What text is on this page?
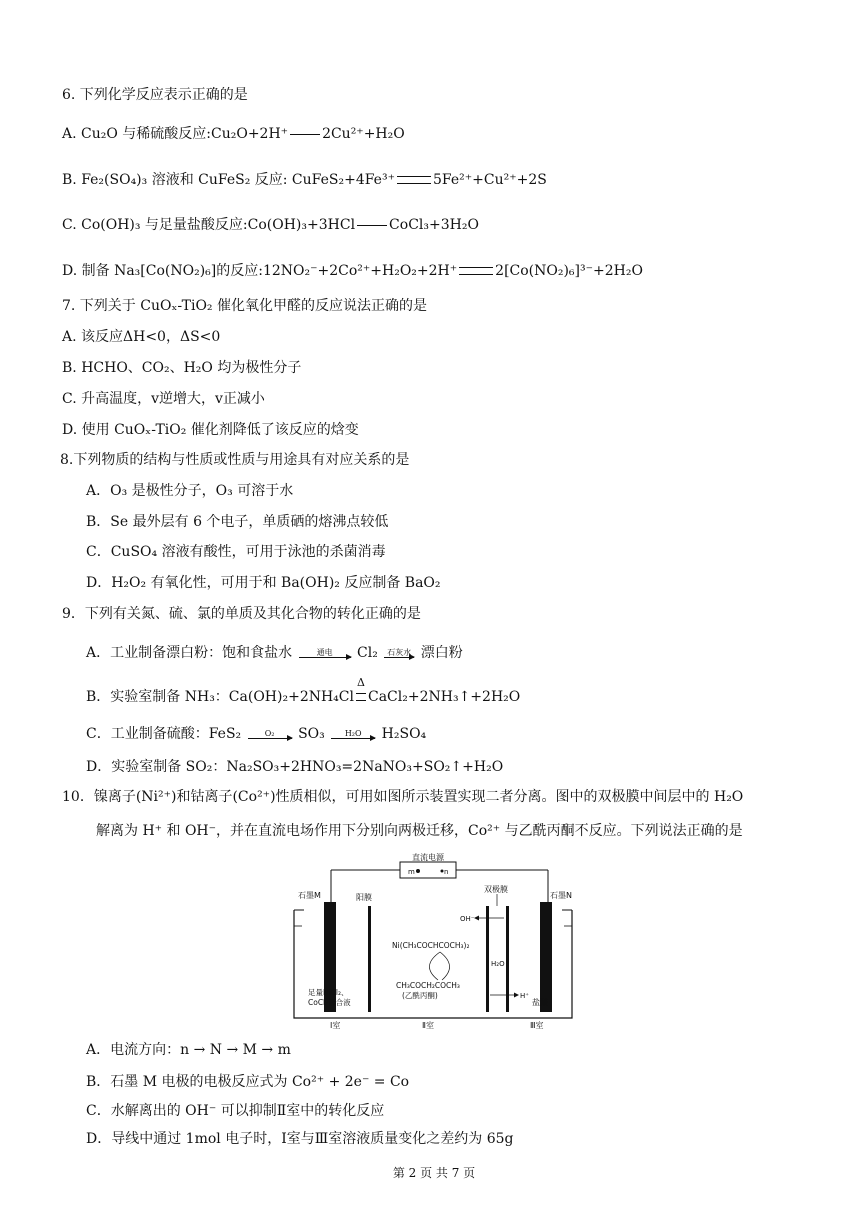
6. 下列化学反应表示正确的是
A. Cu₂O 与稀硫酸反应:Cu₂O+2H⁺ 2Cu²⁺+H₂O
B. Fe₂(SO₄)₃ 溶液和 CuFeS₂ 反应: CuFeS₂+4Fe³⁺	5Fe²⁺+Cu²⁺+2S
C. Co(OH)₃ 与足量盐酸反应:Co(OH)₃+3HCl CoCl₃+3H₂O
D. 制备 Na₃[Co(NO₂)₆]的反应:12NO₂⁻+2Co²⁺+H₂O₂+2H⁺	2[Co(NO₂)₆]³⁻+2H₂O
7. 下列关于 CuOₓ-TiO₂ 催化氧化甲醛的反应说法正确的是
A. 该反应ΔH<0，ΔS<0
B. HCHO、CO₂、H₂O 均为极性分子
C. 升高温度，v逆增大，v正减小
D. 使用 CuOₓ-TiO₂ 催化剂降低了该反应的焓变
8.下列物质的结构与性质或性质与用途具有对应关系的是
A．O₃ 是极性分子，O₃ 可溶于水
B．Se 最外层有 6 个电子，单质硒的熔沸点较低
C．CuSO₄ 溶液有酸性，可用于泳池的杀菌消毒
D．H₂O₂ 有氧化性，可用于和 Ba(OH)₂ 反应制备 BaO₂
9．下列有关氮、硫、氯的单质及其化合物的转化正确的是
A．工业制备漂白粉：饱和食盐水	通电	Cl₂	石灰水 漂白粉
B．实验室制备 NH₃：Ca(OH)₂+2NH₄Cl
Δ
CaCl₂+2NH₃↑+2H₂O
C．工业制备硫酸：FeS₂	O₂	SO₃	H₂O	H₂SO₄
D．实验室制备 SO₂：Na₂SO₃+2HNO₃=2NaNO₃+SO₂↑+H₂O
10．镍离子(Ni²⁺)和钴离子(Co²⁺)性质相似，可用如图所示装置实现二者分离。图中的双极膜中间层中的 H₂O
解离为 H⁺ 和 OH⁻，并在直流电场作用下分别向两极迁移，Co²⁺ 与乙酰丙酮不反应。下列说法正确的是
直流电源
m	n
石墨M	石墨N
阳膜
双极膜
OH⁻
H₂O
H⁺
Ni(CH₃COCHCOCH₃)₂
CH₃COCH₂COCH₃
(乙酰丙酮)
足量NiCl₂、
CoCl₂混合液	盐酸
Ⅰ室	Ⅱ室	Ⅲ室
A．电流方向：n → N → M → m
B．石墨 M 电极的电极反应式为 Co²⁺ + 2e⁻ = Co
C．水解离出的 OH⁻ 可以抑制Ⅱ室中的转化反应
D．导线中通过 1mol 电子时，Ⅰ室与Ⅲ室溶液质量变化之差约为 65g
第 2 页 共 7 页
